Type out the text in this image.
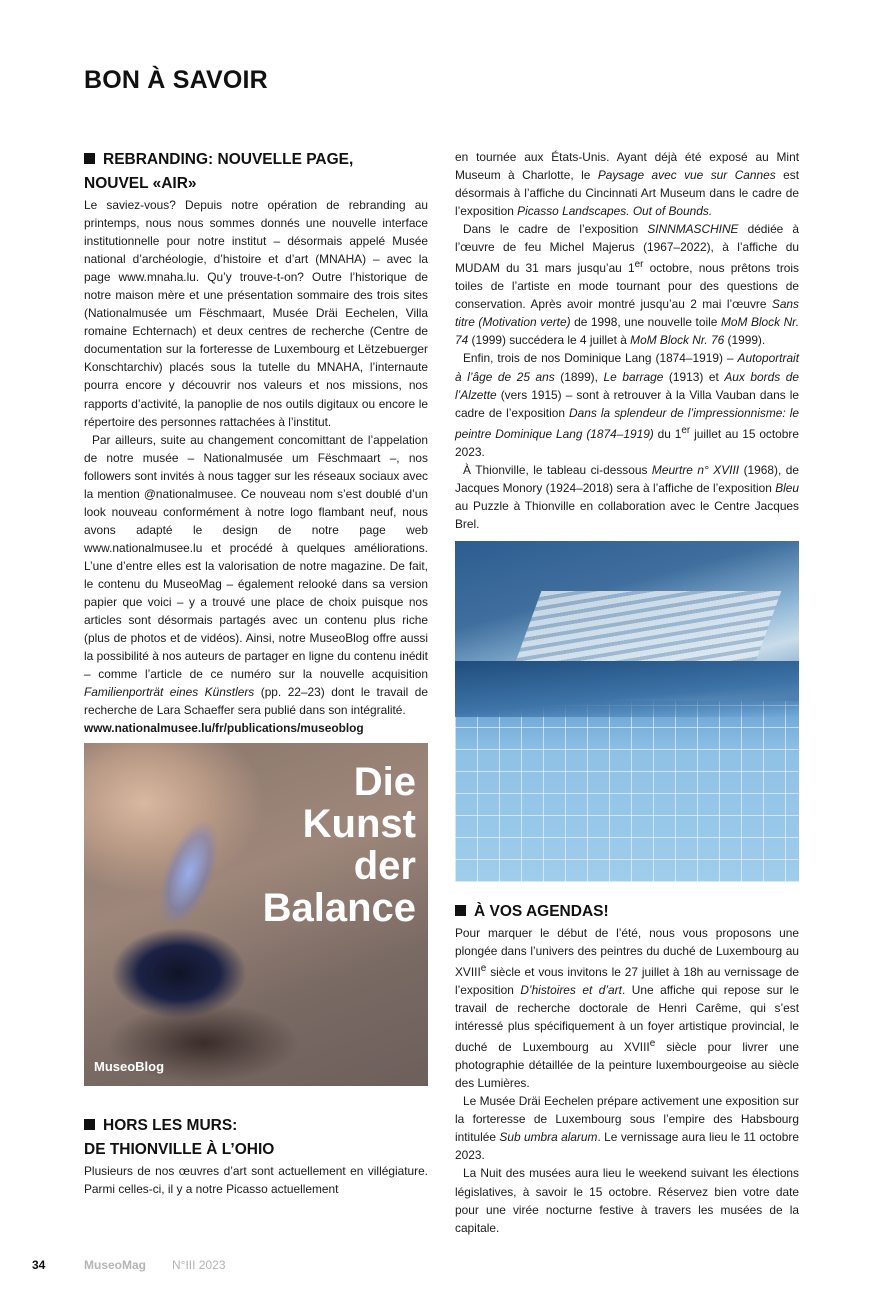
BON À SAVOIR
REBRANDING: NOUVELLE PAGE,
NOUVEL «AIR»

Le saviez-vous? Depuis notre opération de rebranding au printemps, nous nous sommes donnés une nouvelle interface institutionnelle pour notre institut – désormais appelé Musée national d’archéologie, d’histoire et d’art (MNAHA) – avec la page www.mnaha.lu. Qu’y trouve-t-on? Outre l’historique de notre maison mère et une présentation sommaire des trois sites (Nationalmusée um Fëschmaart, Musée Dräi Eechelen, Villa romaine Echternach) et deux centres de recherche (Centre de documentation sur la forteresse de Luxembourg et Lëtzebuerger Konschtarchiv) placés sous la tutelle du MNAHA, l’internaute pourra encore y découvrir nos valeurs et nos missions, nos rapports d’activité, la panoplie de nos outils digitaux ou encore le répertoire des personnes rattachées à l’institut.

Par ailleurs, suite au changement concomittant de l’appelation de notre musée – Nationalmusée um Fëschmaart –, nos followers sont invités à nous tagger sur les réseaux sociaux avec la mention @nationalmusee. Ce nouveau nom s’est doublé d’un look nouveau conformément à notre logo flambant neuf, nous avons adapté le design de notre page web www.nationalmusee.lu et procédé à quelques améliorations. L’une d’entre elles est la valorisation de notre magazine. De fait, le contenu du MuseoMag – également relooké dans sa version papier que voici – y a trouvé une place de choix puisque nos articles sont désormais partagés avec un contenu plus riche (plus de photos et de vidéos). Ainsi, notre MuseoBlog offre aussi la possibilité à nos auteurs de partager en ligne du contenu inédit – comme l’article de ce numéro sur la nouvelle acquisition Familienporträt eines Künstlers (pp. 22–23) dont le travail de recherche de Lara Schaeffer sera publié dans son intégralité.

www.nationalmusee.lu/fr/publications/museoblog

Die
Kunst
der
Balance
MuseoBlog
HORS LES MURS:
DE THIONVILLE À L’OHIO

Plusieurs de nos œuvres d’art sont actuellement en villégiature. Parmi celles-ci, il y a notre Picasso actuellement

en tournée aux États-Unis. Ayant déjà été exposé au Mint Museum à Charlotte, le Paysage avec vue sur Cannes est désormais à l’affiche du Cincinnati Art Museum dans le cadre de l’exposition Picasso Landscapes. Out of Bounds.

Dans le cadre de l’exposition SINNMASCHINE dédiée à l’œuvre de feu Michel Majerus (1967–2022), à l’affiche du MUDAM du 31 mars jusqu’au 1er octobre, nous prêtons trois toiles de l’artiste en mode tournant pour des questions de conservation. Après avoir montré jusqu’au 2 mai l’œuvre Sans titre (Motivation verte) de 1998, une nouvelle toile MoM Block Nr. 74 (1999) succédera le 4 juillet à MoM Block Nr. 76 (1999).

Enfin, trois de nos Dominique Lang (1874–1919) – Autoportrait à l’âge de 25 ans (1899), Le barrage (1913) et Aux bords de l’Alzette (vers 1915) – sont à retrouver à la Villa Vauban dans le cadre de l’exposition Dans la splendeur de l’impressionnisme: le peintre Dominique Lang (1874–1919) du 1er juillet au 15 octobre 2023.

À Thionville, le tableau ci-dessous Meurtre n° XVIII (1968), de Jacques Monory (1924–2018) sera à l’affiche de l’exposition Bleu au Puzzle à Thionville en collaboration avec le Centre Jacques Brel.

À VOS AGENDAS!

Pour marquer le début de l’été, nous vous proposons une plongée dans l’univers des peintres du duché de Luxembourg au XVIIIe siècle et vous invitons le 27 juillet à 18h au vernissage de l’exposition D’histoires et d’art. Une affiche qui repose sur le travail de recherche doctorale de Henri Carême, qui s’est intéressé plus spécifiquement à un foyer artistique provincial, le duché de Luxembourg au XVIIIe siècle pour livrer une photographie détaillée de la peinture luxembourgeoise au siècle des Lumières.

Le Musée Dräi Eechelen prépare activement une exposition sur la forteresse de Luxembourg sous l’empire des Habsbourg intitulée Sub umbra alarum. Le vernissage aura lieu le 11 octobre 2023.

La Nuit des musées aura lieu le weekend suivant les élections législatives, à savoir le 15 octobre. Réservez bien votre date pour une virée nocturne festive à travers les musées de la capitale.

34	MuseoMag N°III 2023
